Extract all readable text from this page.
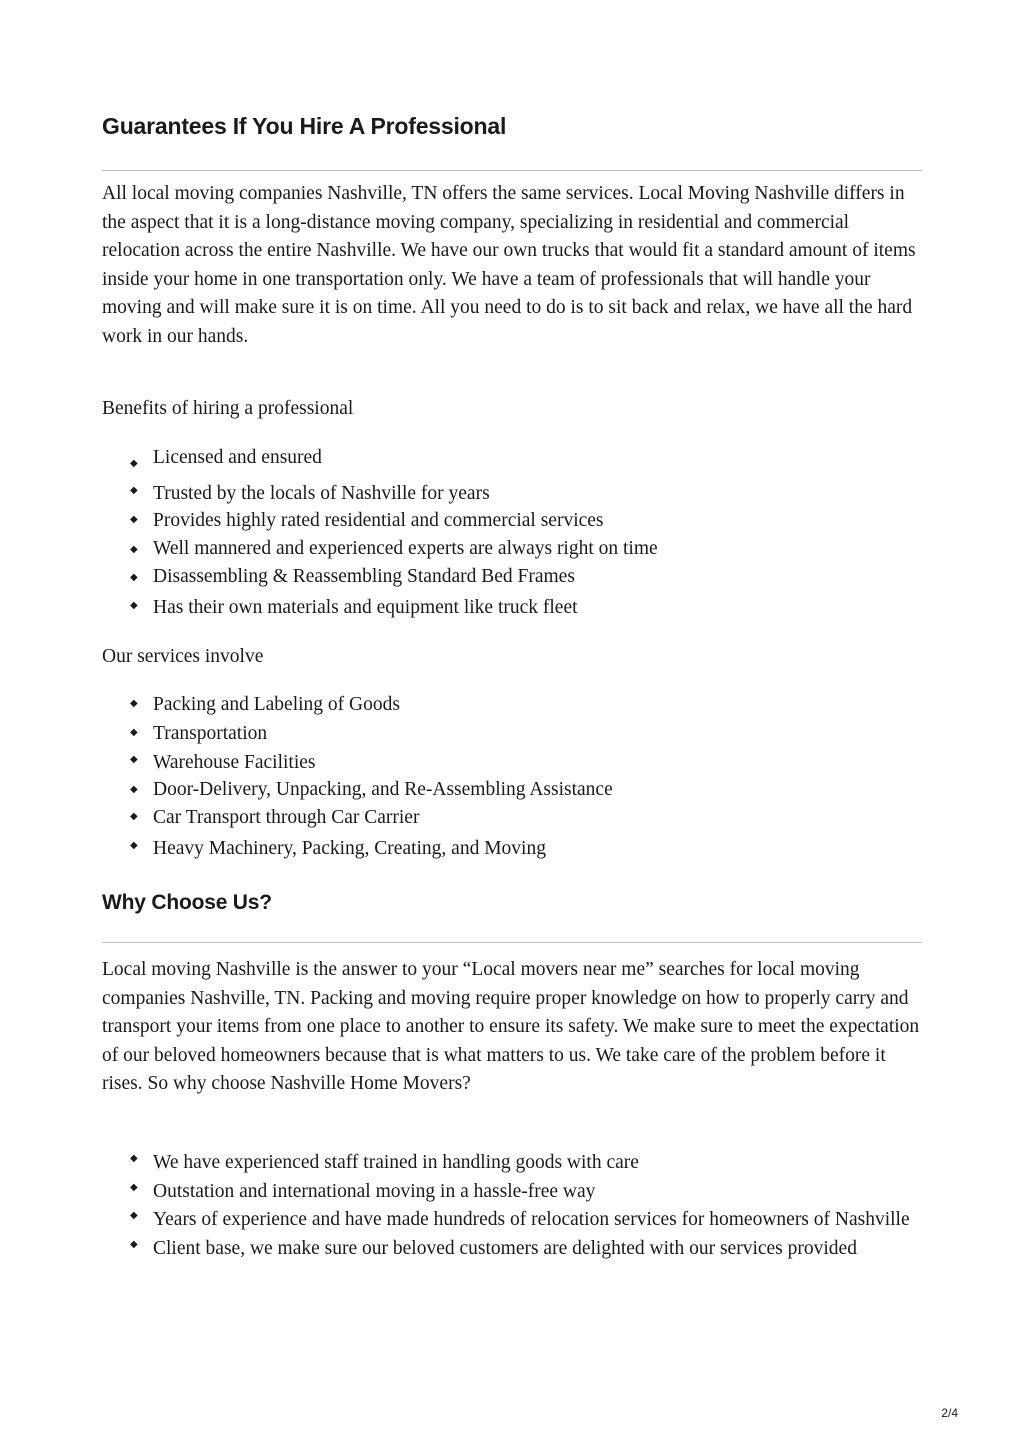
Guarantees If You Hire A Professional

All local moving companies Nashville, TN offers the same services. Local Moving Nashville differs in the aspect that it is a long-distance moving company, specializing in residential and commercial relocation across the entire Nashville. We have our own trucks that would fit a standard amount of items inside your home in one transportation only. We have a team of professionals that will handle your moving and will make sure it is on time. All you need to do is to sit back and relax, we have all the hard work in our hands.

Benefits of hiring a professional

◆ Licensed and ensured
◆ Trusted by the locals of Nashville for years
◆ Provides highly rated residential and commercial services
◆ Well mannered and experienced experts are always right on time
◆ Disassembling & Reassembling Standard Bed Frames
◆ Has their own materials and equipment like truck fleet

Our services involve

◆ Packing and Labeling of Goods
◆ Transportation
◆ Warehouse Facilities
◆ Door-Delivery, Unpacking, and Re-Assembling Assistance
◆ Car Transport through Car Carrier
◆ Heavy Machinery, Packing, Creating, and Moving
Why Choose Us?

Local moving Nashville is the answer to your “Local movers near me” searches for local moving companies Nashville, TN. Packing and moving require proper knowledge on how to properly carry and transport your items from one place to another to ensure its safety. We make sure to meet the expectation of our beloved homeowners because that is what matters to us. We take care of the problem before it rises. So why choose Nashville Home Movers?

◆ We have experienced staff trained in handling goods with care
◆ Outstation and international moving in a hassle-free way
◆ Years of experience and have made hundreds of relocation services for homeowners of Nashville
◆ Client base, we make sure our beloved customers are delighted with our services provided
2/4
